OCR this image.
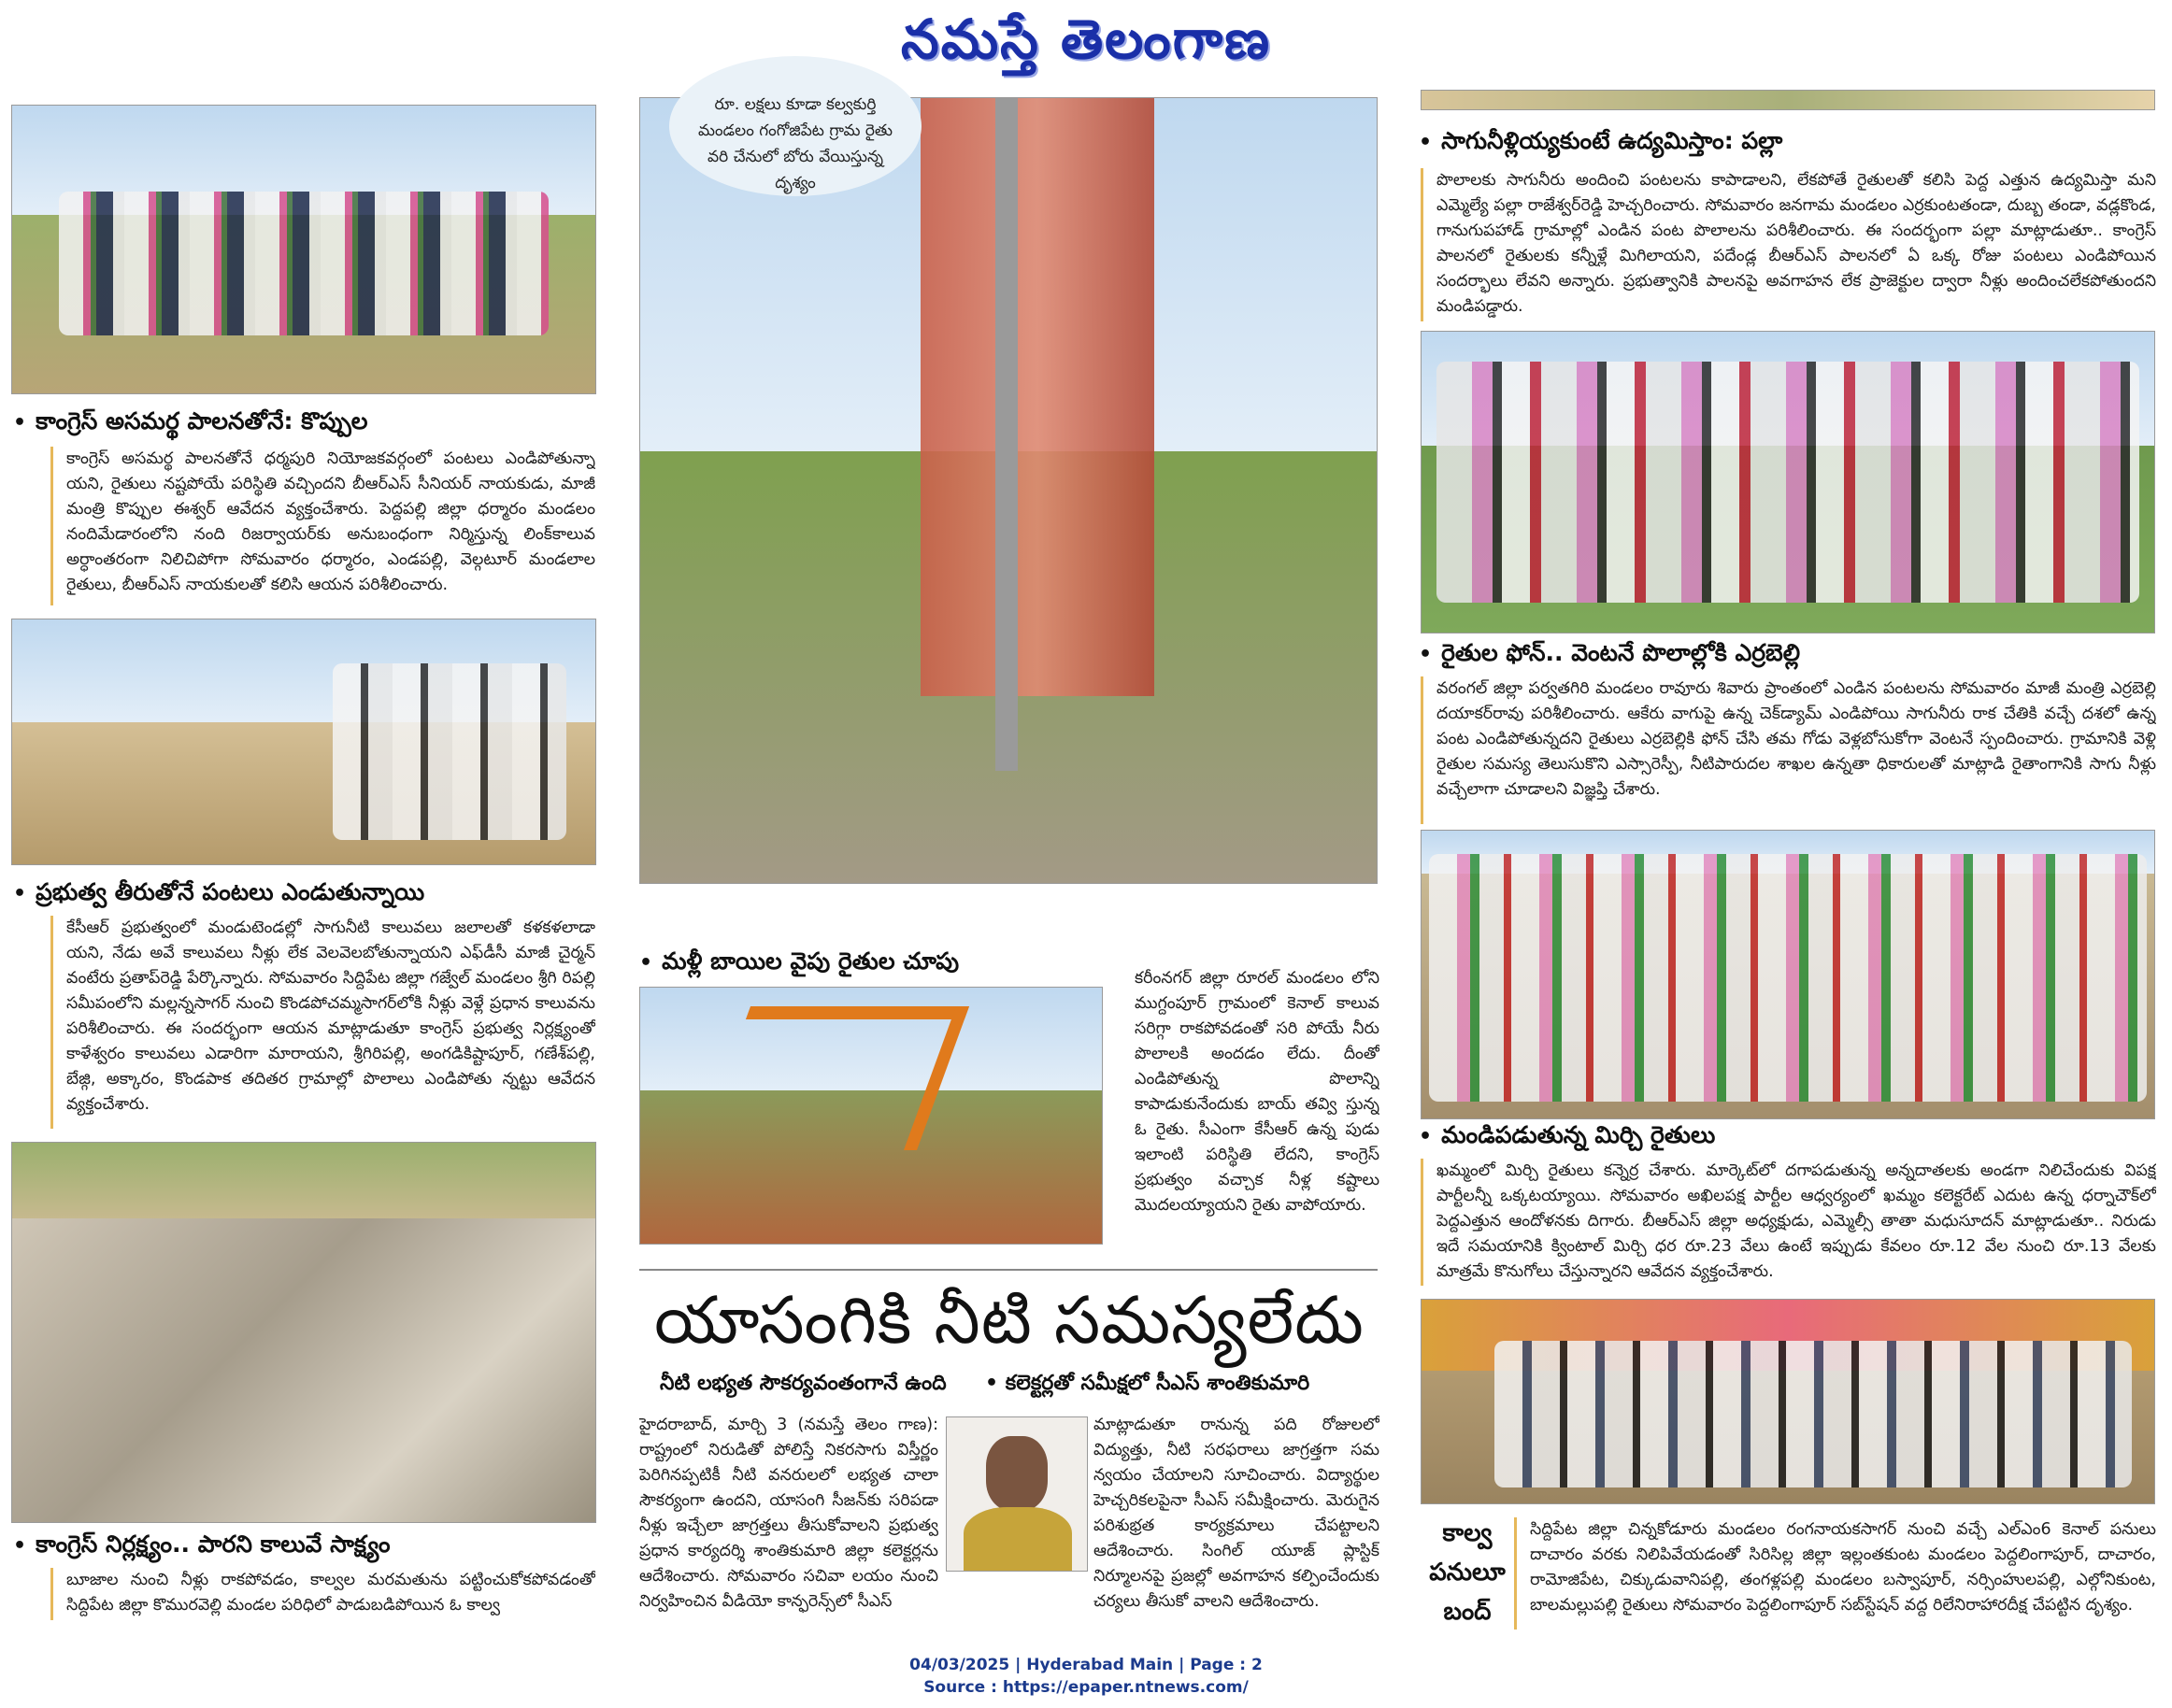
నమస్తే తెలంగాణ
• కాంగ్రెస్ అసమర్థ పాలనతోనే: కొప్పుల
కాంగ్రెస్ అసమర్థ పాలనతోనే ధర్మపురి నియోజకవర్గంలో పంటలు ఎండిపోతున్నా యని, రైతులు నష్టపోయే పరిస్థితి వచ్చిందని బీఆర్‌ఎస్ సీనియర్ నాయకుడు, మాజీ మంత్రి కొప్పుల ఈశ్వర్ ఆవేదన వ్యక్తంచేశారు. పెద్దపల్లి జిల్లా ధర్మారం మండలం నందిమేడారంలోని నంది రిజర్వాయర్‌కు అనుబంధంగా నిర్మిస్తున్న లింక్‌కాలువ అర్ధాంతరంగా నిలిచిపోగా సోమవారం ధర్మారం, ఎండపల్లి, వెల్గటూర్ మండలాల రైతులు, బీఆర్‌ఎస్ నాయకులతో కలిసి ఆయన పరిశీలించారు.
• ప్రభుత్వ తీరుతోనే పంటలు ఎండుతున్నాయి
కేసీఆర్ ప్రభుత్వంలో మండుటెండల్లో సాగునీటి కాలువలు జలాలతో కళకళలాడా యని, నేడు అవే కాలువలు నీళ్లు లేక వెలవెలబోతున్నాయని ఎఫ్‌డీసీ మాజీ చైర్మన్ వంటేరు ప్రతాప్‌రెడ్డి పేర్కొన్నారు. సోమవారం సిద్దిపేట జిల్లా గజ్వేల్ మండలం శ్రీగి రిపల్లి సమీపంలోని మల్లన్నసాగర్ నుంచి కొండపోచమ్మసాగర్‌లోకి నీళ్లు వెళ్లే ప్రధాన కాలువను పరిశీలించారు. ఈ సందర్భంగా ఆయన మాట్లాడుతూ కాంగ్రెస్ ప్రభుత్వ నిర్లక్ష్యంతో కాళేశ్వరం కాలువలు ఎడారిగా మారాయని, శ్రీగిరిపల్లి, అంగడికిష్టాపూర్, గణేశ్‌పల్లి, బేజ్గి, అక్కారం, కొండపాక తదితర గ్రామాల్లో పొలాలు ఎండిపోతు న్నట్టు ఆవేదన వ్యక్తంచేశారు.
• కాంగ్రెస్ నిర్లక్ష్యం.. పారని కాలువే సాక్ష్యం
బూజాల నుంచి నీళ్లు రాకపోవడం, కాల్వల మరమతును పట్టించుకోకపోవడంతో సిద్దిపేట జిల్లా కొమురవెల్లి మండల పరిధిలో పాడుబడిపోయిన ఓ కాల్వ
రూ. లక్షలు కూడా కల్వకుర్తి మండలం గంగోజిపేట గ్రామ రైతు వరి చేనులో బోరు వేయిస్తున్న దృశ్యం
• మళ్లీ బాయిల వైపు రైతుల చూపు
కరీంనగర్ జిల్లా రూరల్ మండలం లోని ముగ్దంపూర్ గ్రామంలో కెనాల్ కాలువ సరిగ్గా రాకపోవడంతో సరి పోయే నీరు పొలాలకి అందడం లేదు. దీంతో ఎండిపోతున్న పొలాన్ని కాపాడుకునేందుకు బాయ్ తవ్వి స్తున్న ఓ రైతు. సీఎంగా కేసీఆర్ ఉన్న పుడు ఇలాంటి పరిస్థితి లేదని, కాంగ్రెస్ ప్రభుత్వం వచ్చాక నీళ్ల కష్టాలు మొదలయ్యాయని రైతు వాపోయారు.
యాసంగికి నీటి సమస్యలేదు
నీటి లభ్యత సౌకర్యవంతంగానే ఉంది • కలెక్టర్లతో సమీక్షలో సీఎస్ శాంతికుమారి
హైదరాబాద్, మార్చి 3 (నమస్తే తెలం గాణ): రాష్ట్రంలో నిరుడితో పోలిస్తే నికరసాగు విస్తీర్ణం పెరిగినప్పటికీ నీటి వనరులలో లభ్యత చాలా సౌకర్యంగా ఉందని, యాసంగి సీజన్‌కు సరిపడా నీళ్లు ఇచ్చేలా జాగ్రత్తలు తీసుకోవాలని ప్రభుత్వ ప్రధాన కార్యదర్శి శాంతికుమారి జిల్లా కలెక్టర్లను ఆదేశించారు. సోమవారం సచివా లయం నుంచి నిర్వహించిన వీడియో కాన్ఫరెన్స్‌లో సీఎస్
మాట్లాడుతూ రానున్న పది రోజులలో విద్యుత్తు, నీటి సరఫరాలు జాగ్రత్తగా సమ న్వయం చేయాలని సూచించారు. విద్యార్థుల హెచ్చరికలపైనా సీఎస్ సమీక్షించారు. మెరుగైన పరిశుభ్రత కార్యక్రమాలు చేపట్టాలని ఆదేశించారు. సింగిల్ యూజ్ ప్లాస్టిక్ నిర్మూలనపై ప్రజల్లో అవగాహన కల్పించేందుకు చర్యలు తీసుకో వాలని ఆదేశించారు.
• సాగునీళ్లియ్యకుంటే ఉద్యమిస్తాం: పల్లా
పొలాలకు సాగునీరు అందించి పంటలను కాపాడాలని, లేకపోతే రైతులతో కలిసి పెద్ద ఎత్తున ఉద్యమిస్తా మని ఎమ్మెల్యే పల్లా రాజేశ్వర్‌రెడ్డి హెచ్చరించారు. సోమవారం జనగామ మండలం ఎర్రకుంటతండా, దుబ్బ తండా, వడ్లకొండ, గానుగుపహాడ్ గ్రామాల్లో ఎండిన పంట పొలాలను పరిశీలించారు. ఈ సందర్భంగా పల్లా మాట్లాడుతూ.. కాంగ్రెస్ పాలనలో రైతులకు కన్నీళ్లే మిగిలాయని, పదేండ్ల బీఆర్‌ఎస్ పాలనలో ఏ ఒక్క రోజు పంటలు ఎండిపోయిన సందర్భాలు లేవని అన్నారు. ప్రభుత్వానికి పాలనపై అవగాహన లేక ప్రాజెక్టుల ద్వారా నీళ్లు అందించలేకపోతుందని మండిపడ్డారు.
• రైతుల ఫోన్.. వెంటనే పొలాల్లోకి ఎర్రబెల్లి
వరంగల్ జిల్లా పర్వతగిరి మండలం రావూరు శివారు ప్రాంతంలో ఎండిన పంటలను సోమవారం మాజీ మంత్రి ఎర్రబెల్లి దయాకర్‌రావు పరిశీలించారు. ఆకేరు వాగుపై ఉన్న చెక్‌డ్యామ్ ఎండిపోయి సాగునీరు రాక చేతికి వచ్చే దశలో ఉన్న పంట ఎండిపోతున్నదని రైతులు ఎర్రబెల్లికి ఫోన్ చేసి తమ గోడు వెళ్లబోసుకోగా వెంటనే స్పందించారు. గ్రామానికి వెళ్లి రైతుల సమస్య తెలుసుకొని ఎస్సారెస్పీ, నీటిపారుదల శాఖల ఉన్నతా ధికారులతో మాట్లాడి రైతాంగానికి సాగు నీళ్లు వచ్చేలాగా చూడాలని విజ్ఞప్తి చేశారు.
• మండిపడుతున్న మిర్చి రైతులు
ఖమ్మంలో మిర్చి రైతులు కన్నెర్ర చేశారు. మార్కెట్‌లో దగాపడుతున్న అన్నదాతలకు అండగా నిలిచేందుకు విపక్ష పార్టీలన్నీ ఒక్కటయ్యాయి. సోమవారం అఖిలపక్ష పార్టీల ఆధ్వర్యంలో ఖమ్మం కలెక్టరేట్ ఎదుట ఉన్న ధర్నాచౌక్‌లో పెద్దఎత్తున ఆందోళనకు దిగారు. బీఆర్‌ఎస్ జిల్లా అధ్యక్షుడు, ఎమ్మెల్సీ తాతా మధుసూదన్ మాట్లాడుతూ.. నిరుడు ఇదే సమయానికి క్వింటాల్ మిర్చి ధర రూ.23 వేలు ఉంటే ఇప్పుడు కేవలం రూ.12 వేల నుంచి రూ.13 వేలకు మాత్రమే కొనుగోలు చేస్తున్నారని ఆవేదన వ్యక్తంచేశారు.
కాల్వ
పనులూ
బంద్
సిద్దిపేట జిల్లా చిన్నకోడూరు మండలం రంగనాయకసాగర్ నుంచి వచ్చే ఎల్‌ఎం6 కెనాల్ పనులు దాచారం వరకు నిలిపివేయడంతో సిరిసిల్ల జిల్లా ఇల్లంతకుంట మండలం పెద్దలింగాపూర్, దాచారం, రామోజిపేట, చిక్కుడువానిపల్లి, తంగళ్లపల్లి మండలం బస్వాపూర్, నర్సింహులపల్లి, ఎల్గోనికుంట, బాలమల్లుపల్లి రైతులు సోమవారం పెద్దలింగాపూర్ సబ్‌స్టేషన్ వద్ద రిలేనిరాహారదీక్ష చేపట్టిన దృశ్యం.
04/03/2025 | Hyderabad Main | Page : 2
Source : https://epaper.ntnews.com/
